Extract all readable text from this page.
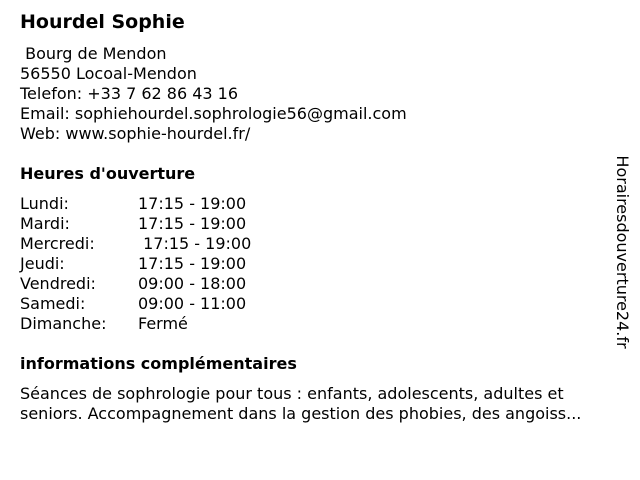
Hourdel Sophie
Bourg de Mendon
56550 Locoal-Mendon
Telefon: +33 7 62 86 43 16
Email: sophiehourdel.sophrologie56@gmail.com
Web: www.sophie-hourdel.fr/
Heures d'ouverture
Lundi:	17:15 - 19:00
Mardi:	17:15 - 19:00
Mercredi:	17:15 - 19:00
Jeudi:	17:15 - 19:00
Vendredi:	09:00 - 18:00
Samedi:	09:00 - 11:00
Dimanche:	Fermé
informations complémentaires
Séances de sophrologie pour tous : enfants, adolescents, adultes et
seniors. Accompagnement dans la gestion des phobies, des angoiss...
Horairesdouverture24.fr
